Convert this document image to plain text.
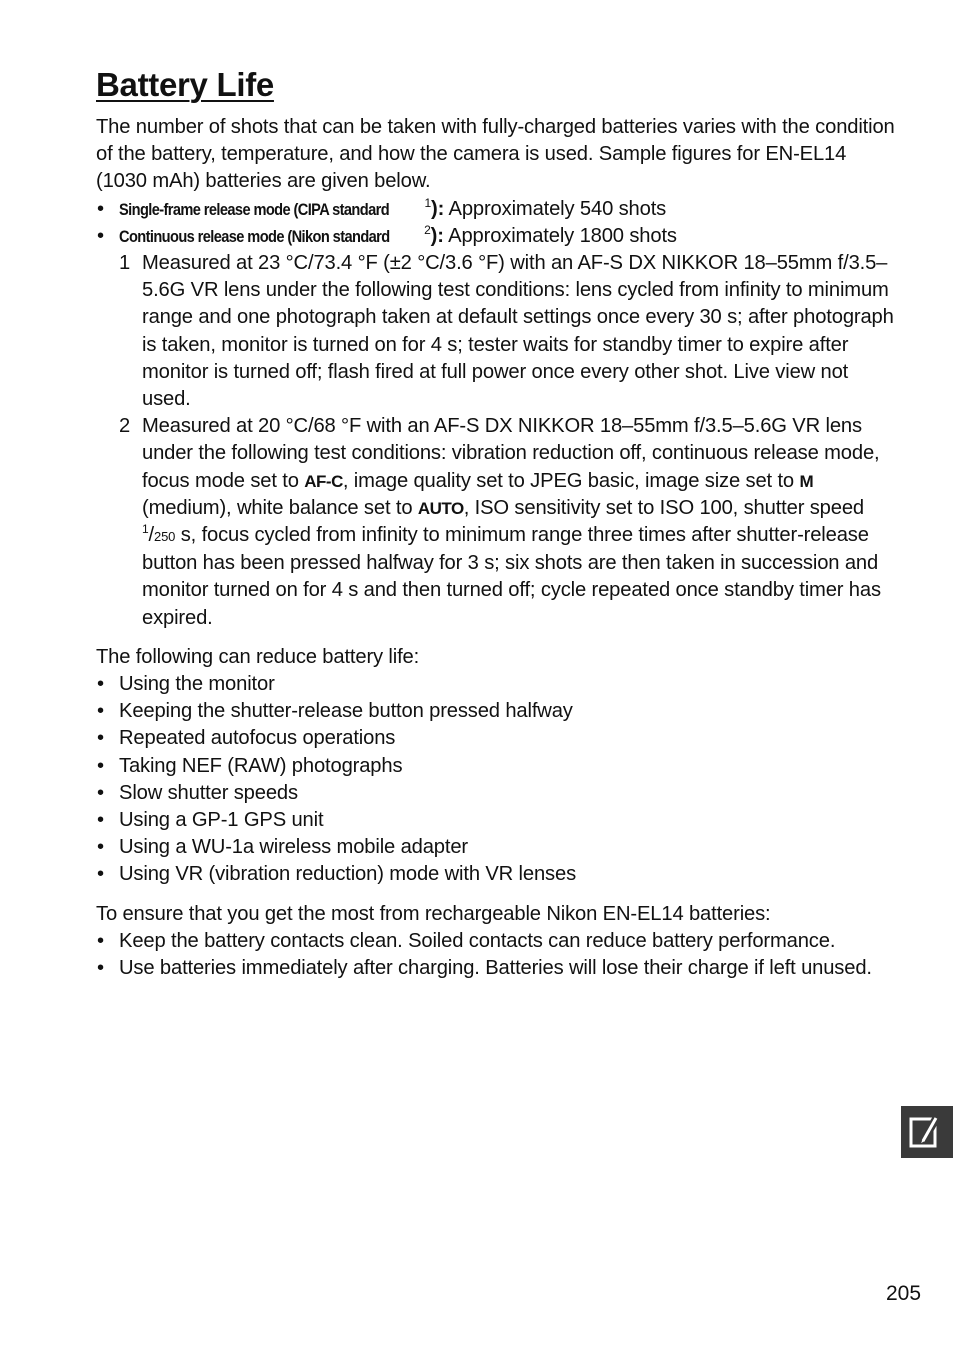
Battery Life

The number of shots that can be taken with fully-charged batteries varies with the condition of the battery, temperature, and how the camera is used. Sample figures for EN-EL14 (1030 mAh) batteries are given below.

• Single-frame release mode (CIPA standard	$^1$): Approximately 540 shots
• Continuous release mode (Nikon standard	$^2$): Approximately 1800 shots
1 Measured at 23 °C/73.4 °F (±2 °C/3.6 °F) with an AF-S DX NIKKOR 18–55mm f/3.5–5.6G VR lens under the following test conditions: lens cycled from infinity to minimum range and one photograph taken at default settings once every 30 s; after photograph is taken, monitor is turned on for 4 s; tester waits for standby timer to expire after monitor is turned off; flash fired at full power once every other shot. Live view not used.
2 Measured at 20 °C/68 °F with an AF-S DX NIKKOR 18–55mm f/3.5–5.6G VR lens under the following test conditions: vibration reduction off, continuous release mode, focus mode set to AF-C, image quality set to JPEG basic, image size set to M (medium), white balance set to AUTO, ISO sensitivity set to ISO 100, shutter speed $^1$/250 s, focus cycled from infinity to minimum range three times after shutter-release button has been pressed halfway for 3 s; six shots are then taken in succession and monitor turned on for 4 s and then turned off; cycle repeated once standby timer has expired.

The following can reduce battery life:

• Using the monitor
• Keeping the shutter-release button pressed halfway
• Repeated autofocus operations
• Taking NEF (RAW) photographs
• Slow shutter speeds
• Using a GP-1 GPS unit
• Using a WU-1a wireless mobile adapter
• Using VR (vibration reduction) mode with VR lenses

To ensure that you get the most from rechargeable Nikon EN-EL14 batteries:

• Keep the battery contacts clean. Soiled contacts can reduce battery performance.
• Use batteries immediately after charging. Batteries will lose their charge if left unused.
205
